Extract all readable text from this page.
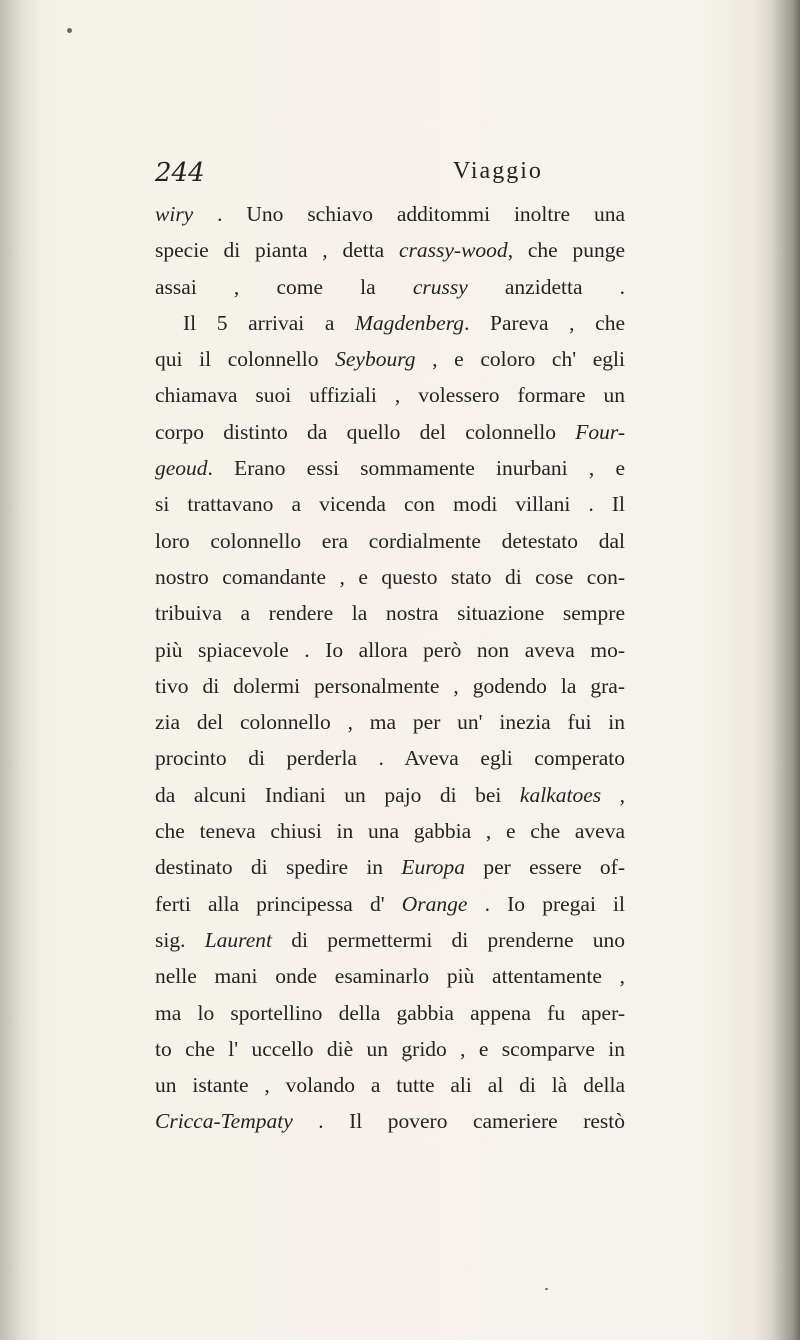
244	Viaggio
wiry . Uno schiavo additommi inoltre una
specie di pianta , detta crassy-wood, che punge
assai , come la crussy anzidetta .
Il 5 arrivai a Magdenberg. Pareva , che
qui il colonnello Seybourg , e coloro ch' egli
chiamava suoi uffiziali , volessero formare un
corpo distinto da quello del colonnello Four-
geoud. Erano essi sommamente inurbani , e
si trattavano a vicenda con modi villani . Il
loro colonnello era cordialmente detestato dal
nostro comandante , e questo stato di cose con-
tribuiva a rendere la nostra situazione sempre
più spiacevole . Io allora però non aveva mo-
tivo di dolermi personalmente , godendo la gra-
zia del colonnello , ma per un' inezia fui in
procinto di perderla . Aveva egli comperato
da alcuni Indiani un pajo di bei kalkatoes ,
che teneva chiusi in una gabbia , e che aveva
destinato di spedire in Europa per essere of-
ferti alla principessa d' Orange . Io pregai il
sig. Laurent di permettermi di prenderne uno
nelle mani onde esaminarlo più attentamente ,
ma lo sportellino della gabbia appena fu aper-
to che l' uccello diè un grido , e scomparve in
un istante , volando a tutte ali al di là della
Cricca-Tempaty . Il povero cameriere restò
